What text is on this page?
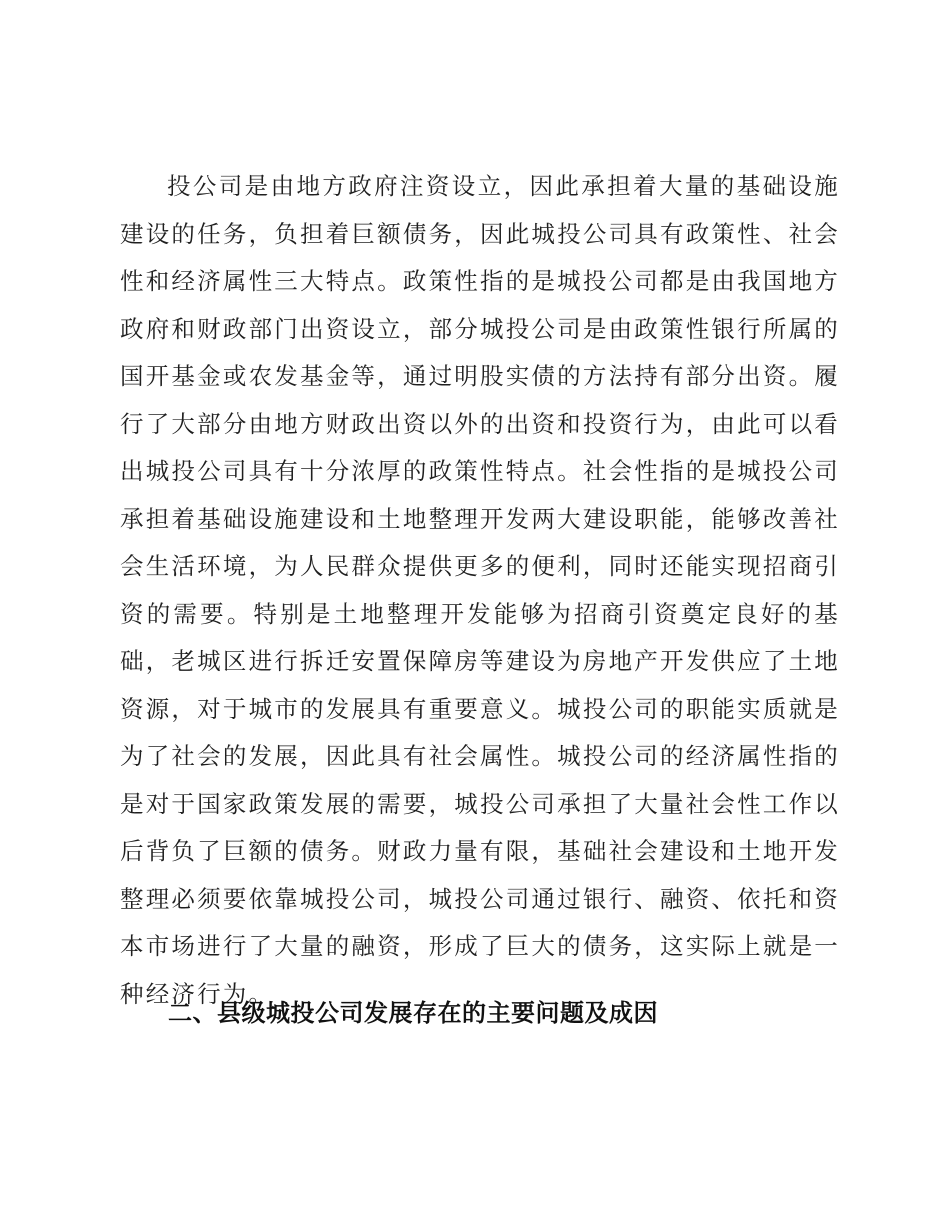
投公司是由地方政府注资设立，因此承担着大量的基础设施建设的任务，负担着巨额债务，因此城投公司具有政策性、社会性和经济属性三大特点。政策性指的是城投公司都是由我国地方政府和财政部门出资设立，部分城投公司是由政策性银行所属的国开基金或农发基金等，通过明股实债的方法持有部分出资。履行了大部分由地方财政出资以外的出资和投资行为，由此可以看出城投公司具有十分浓厚的政策性特点。社会性指的是城投公司承担着基础设施建设和土地整理开发两大建设职能，能够改善社会生活环境，为人民群众提供更多的便利，同时还能实现招商引资的需要。特别是土地整理开发能够为招商引资奠定良好的基础，老城区进行拆迁安置保障房等建设为房地产开发供应了土地资源，对于城市的发展具有重要意义。城投公司的职能实质就是为了社会的发展，因此具有社会属性。城投公司的经济属性指的是对于国家政策发展的需要，城投公司承担了大量社会性工作以后背负了巨额的债务。财政力量有限，基础社会建设和土地开发整理必须要依靠城投公司，城投公司通过银行、融资、依托和资本市场进行了大量的融资，形成了巨大的债务，这实际上就是一种经济行为。

二、县级城投公司发展存在的主要问题及成因
